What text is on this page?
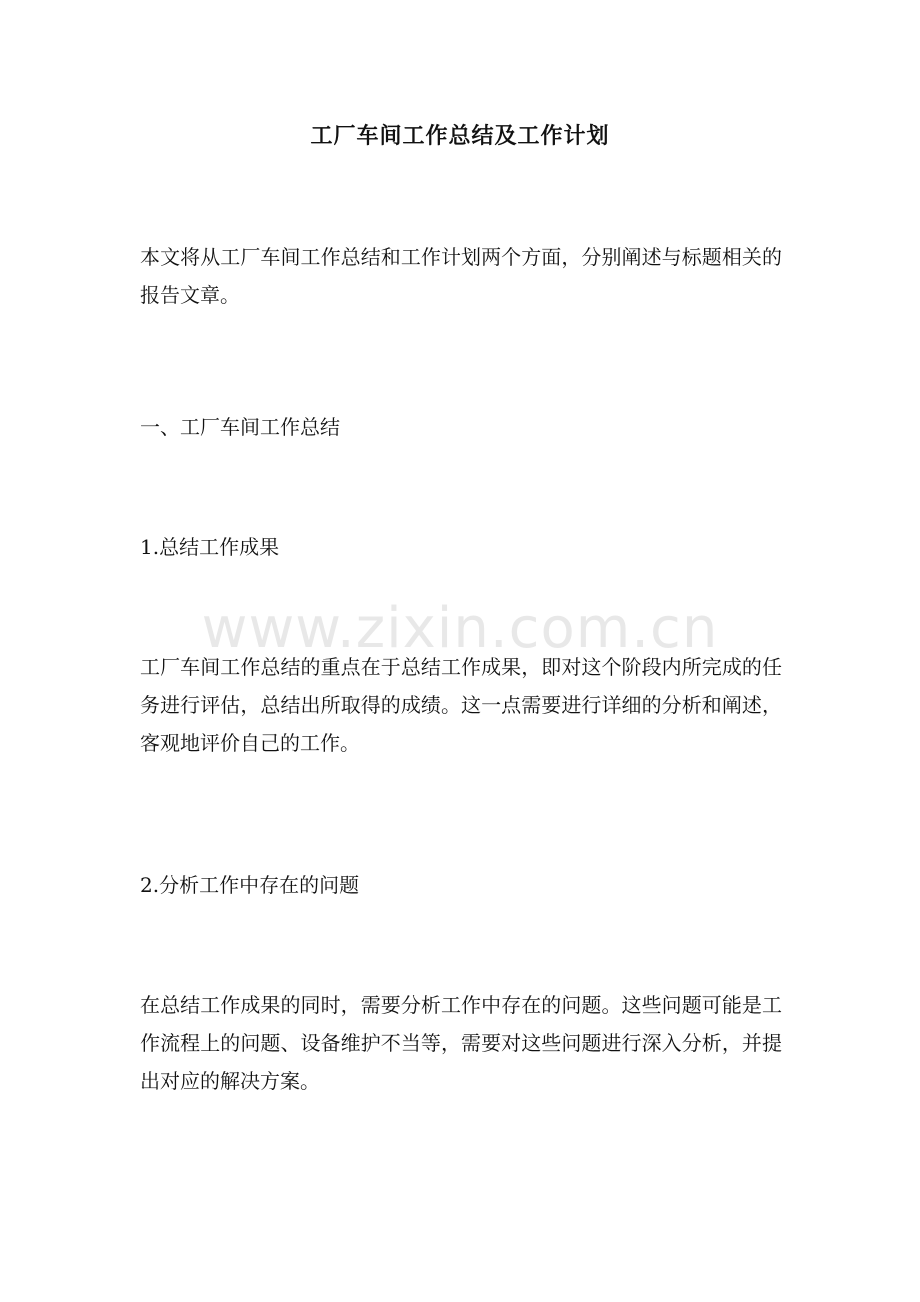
工厂车间工作总结及工作计划
本文将从工厂车间工作总结和工作计划两个方面，分别阐述与标题相关的报告文章。
一、工厂车间工作总结
1.总结工作成果
工厂车间工作总结的重点在于总结工作成果，即对这个阶段内所完成的任务进行评估，总结出所取得的成绩。这一点需要进行详细的分析和阐述，客观地评价自己的工作。
2.分析工作中存在的问题
在总结工作成果的同时，需要分析工作中存在的问题。这些问题可能是工作流程上的问题、设备维护不当等，需要对这些问题进行深入分析，并提出对应的解决方案。
www.zixin.com.cn
